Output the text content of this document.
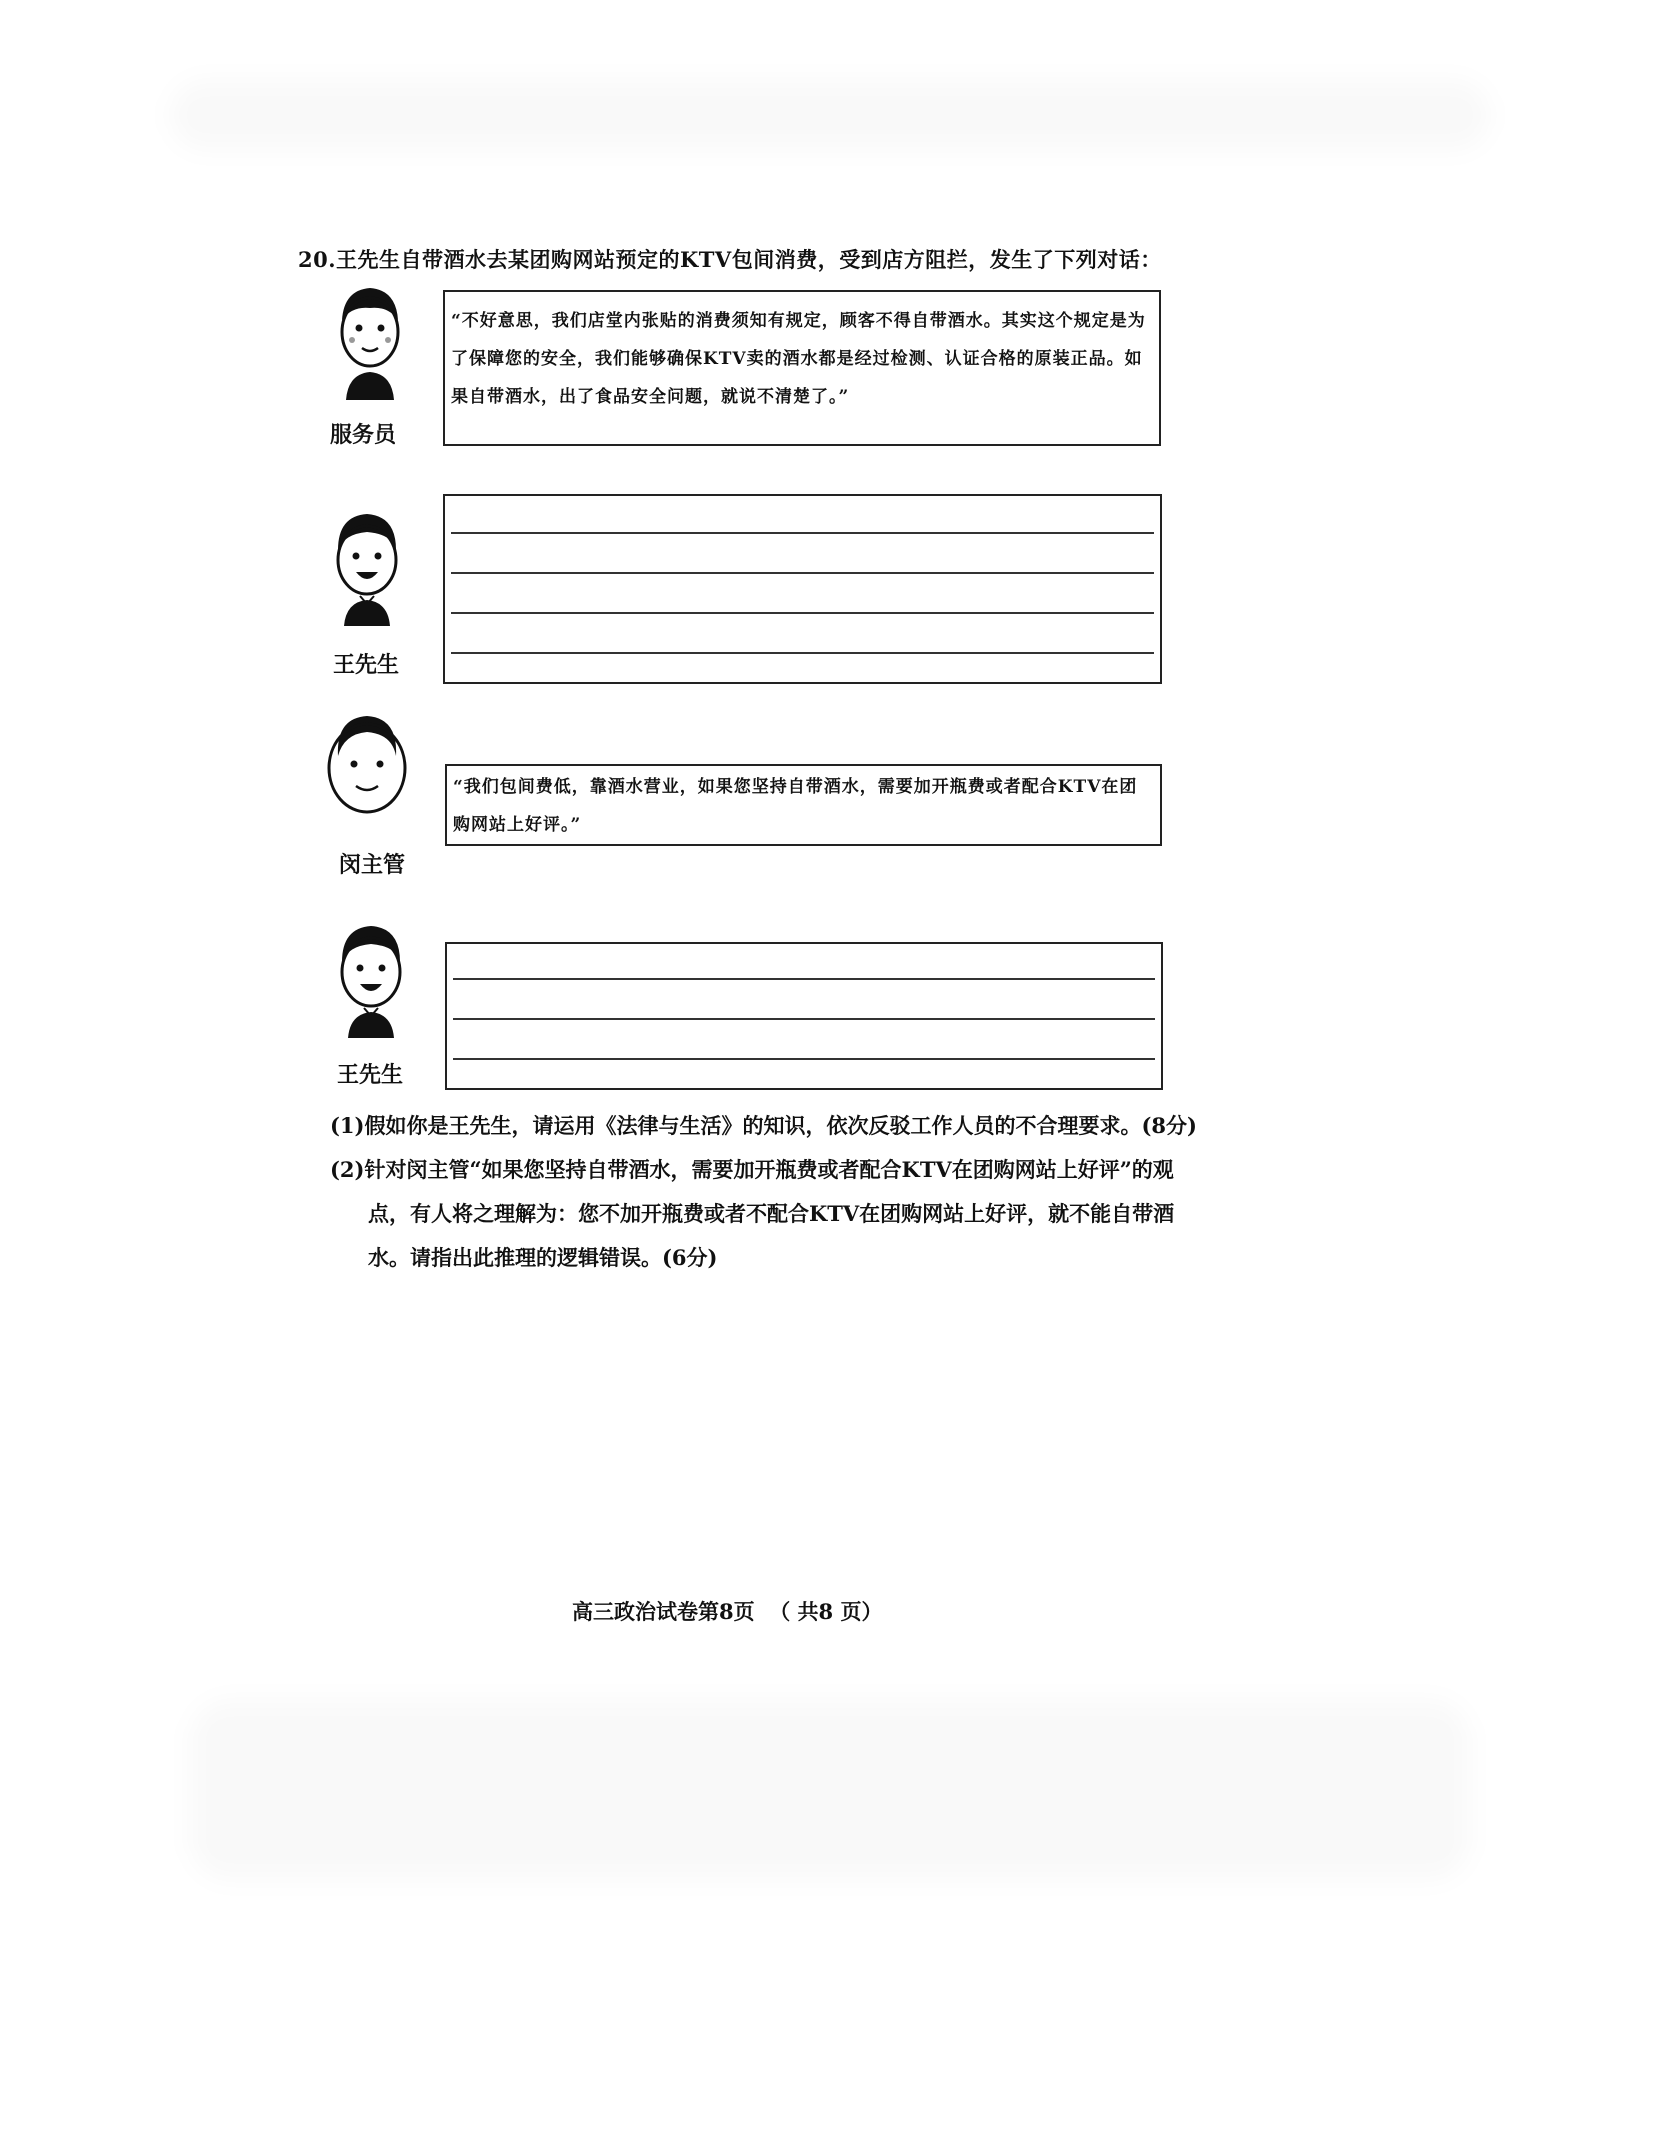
20.王先生自带酒水去某团购网站预定的KTV包间消费，受到店方阻拦，发生了下列对话：
服务员
“不好意思，我们店堂内张贴的消费须知有规定，顾客不得自带酒水。其实这个规定是为了保障您的安全，我们能够确保KTV卖的酒水都是经过检测、认证合格的原装正品。如果自带酒水，出了食品安全问题，就说不清楚了。”
王先生
闵主管
“我们包间费低，靠酒水营业，如果您坚持自带酒水，需要加开瓶费或者配合KTV在团购网站上好评。”
王先生
(1)假如你是王先生，请运用《法律与生活》的知识，依次反驳工作人员的不合理要求。(8分)
(2)针对闵主管“如果您坚持自带酒水，需要加开瓶费或者配合KTV在团购网站上好评”的观点，有人将之理解为：您不加开瓶费或者不配合KTV在团购网站上好评，就不能自带酒水。请指出此推理的逻辑错误。(6分)
高三政治试卷第8页  （ 共8 页）
